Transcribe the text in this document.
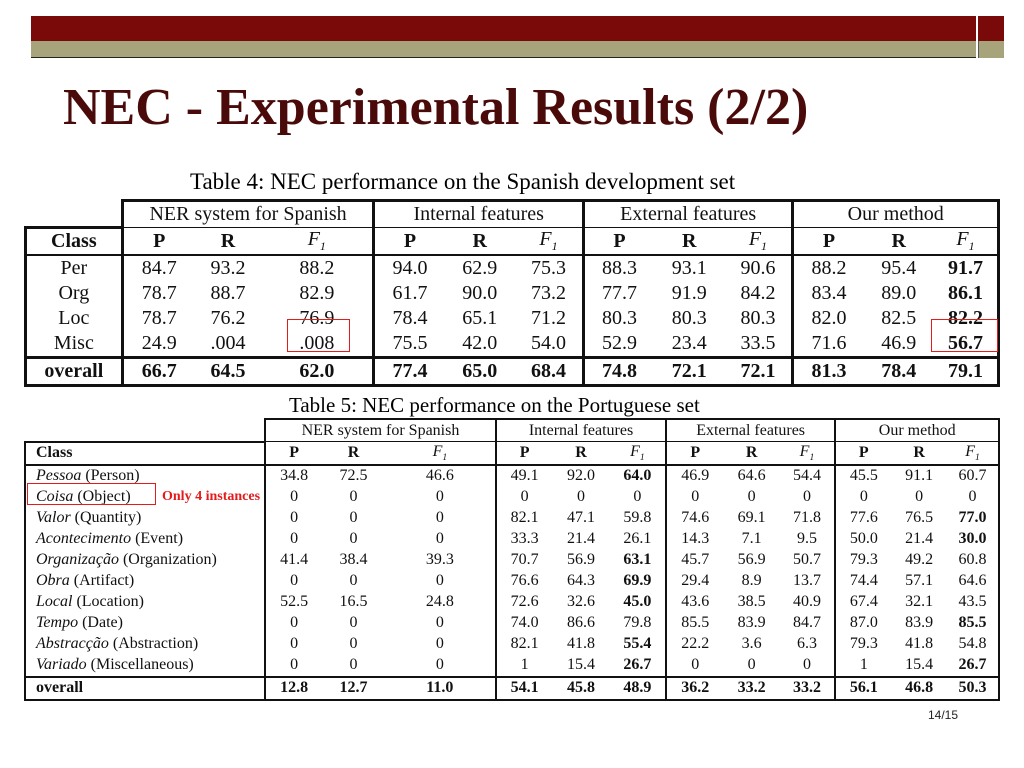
NEC - Experimental Results (2/2)
Table 4: NEC performance on the Spanish development set
	NER system for Spanish			Internal features			External features			Our method		
Class	P	R	$F_1$	P	R	$F_1$	P	R	$F_1$	P	R	$F_1$
Per	84.7	93.2	88.2	94.0	62.9	75.3	88.3	93.1	90.6	88.2	95.4	91.7
Org	78.7	88.7	82.9	61.7	90.0	73.2	77.7	91.9	84.2	83.4	89.0	86.1
Loc	78.7	76.2	76.9	78.4	65.1	71.2	80.3	80.3	80.3	82.0	82.5	82.2
Misc	24.9	.004	.008	75.5	42.0	54.0	52.9	23.4	33.5	71.6	46.9	56.7
overall	66.7	64.5	62.0	77.4	65.0	68.4	74.8	72.1	72.1	81.3	78.4	79.1
Table 5: NEC performance on the Portuguese set
	NER system for Spanish			Internal features			External features			Our method		
Class	P	R	$F_1$	P	R	$F_1$	P	R	$F_1$	P	R	$F_1$
Pessoa (Person)	34.8	72.5	46.6	49.1	92.0	64.0	46.9	64.6	54.4	45.5	91.1	60.7
Coisa (Object)	0	0	0	0	0	0	0	0	0	0	0	0
Valor (Quantity)	0	0	0	82.1	47.1	59.8	74.6	69.1	71.8	77.6	76.5	77.0
Acontecimento (Event)	0	0	0	33.3	21.4	26.1	14.3	7.1	9.5	50.0	21.4	30.0
Organização (Organization)	41.4	38.4	39.3	70.7	56.9	63.1	45.7	56.9	50.7	79.3	49.2	60.8
Obra (Artifact)	0	0	0	76.6	64.3	69.9	29.4	8.9	13.7	74.4	57.1	64.6
Local (Location)	52.5	16.5	24.8	72.6	32.6	45.0	43.6	38.5	40.9	67.4	32.1	43.5
Tempo (Date)	0	0	0	74.0	86.6	79.8	85.5	83.9	84.7	87.0	83.9	85.5
Abstracção (Abstraction)	0	0	0	82.1	41.8	55.4	22.2	3.6	6.3	79.3	41.8	54.8
Variado (Miscellaneous)	0	0	0	1	15.4	26.7	0	0	0	1	15.4	26.7
overall	12.8	12.7	11.0	54.1	45.8	48.9	36.2	33.2	33.2	56.1	46.8	50.3
Only 4 instances
14/15
